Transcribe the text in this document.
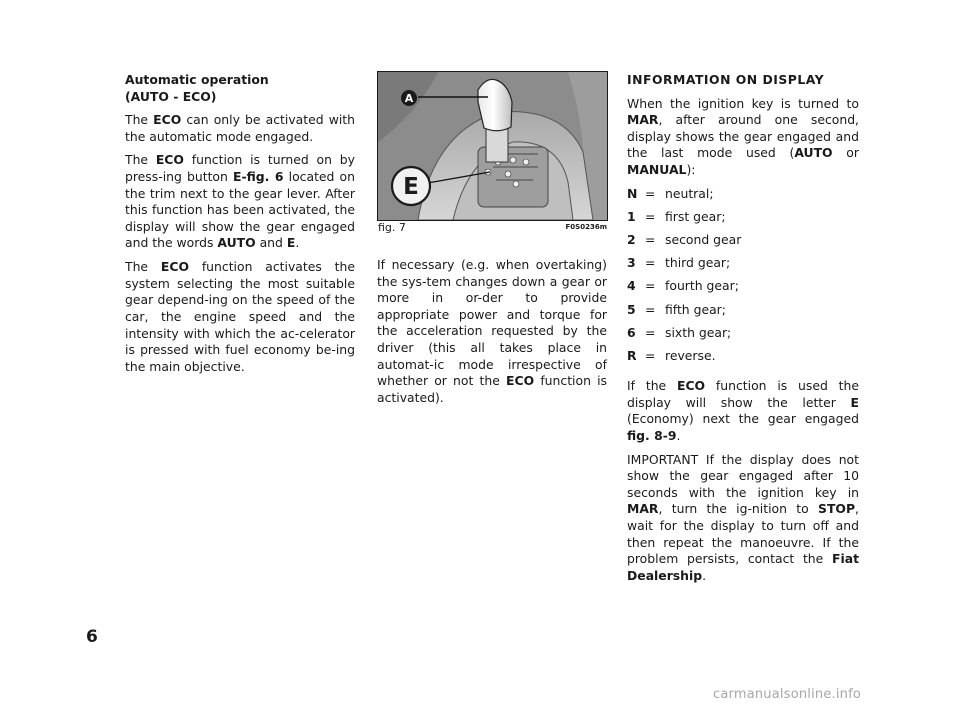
Automatic operation
(AUTO - ECO)

The ECO can only be activated with the automatic mode engaged.

The ECO function is turned on by press-ing button E-fig. 6 located on the trim next to the gear lever. After this function has been activated, the display will show the gear engaged and the words AUTO and E.

The ECO function activates the system selecting the most suitable gear depend-ing on the speed of the car, the engine speed and the intensity with which the ac-celerator is pressed with fuel economy be-ing the main objective.

A
E
fig. 7	F0S0236m

If necessary (e.g. when overtaking) the sys-tem changes down a gear or more in or-der to provide appropriate power and torque for the acceleration requested by the driver (this all takes place in automat-ic mode irrespective of whether or not the ECO function is activated).

INFORMATION ON DISPLAY

When the ignition key is turned to MAR, after around one second, display shows the gear engaged and the last mode used (AUTO or MANUAL):

N = neutral;
1 = first gear;
2 = second gear
3 = third gear;
4 = fourth gear;
5 = fifth gear;
6 = sixth gear;
R = reverse.

If the ECO function is used the display will show the letter E (Economy) next the gear engaged fig. 8-9.

IMPORTANT If the display does not show the gear engaged after 10 seconds with the ignition key in MAR, turn the ig-nition to STOP, wait for the display to turn off and then repeat the manoeuvre. If the problem persists, contact the Fiat Dealership.

6
carmanualsonline.info
